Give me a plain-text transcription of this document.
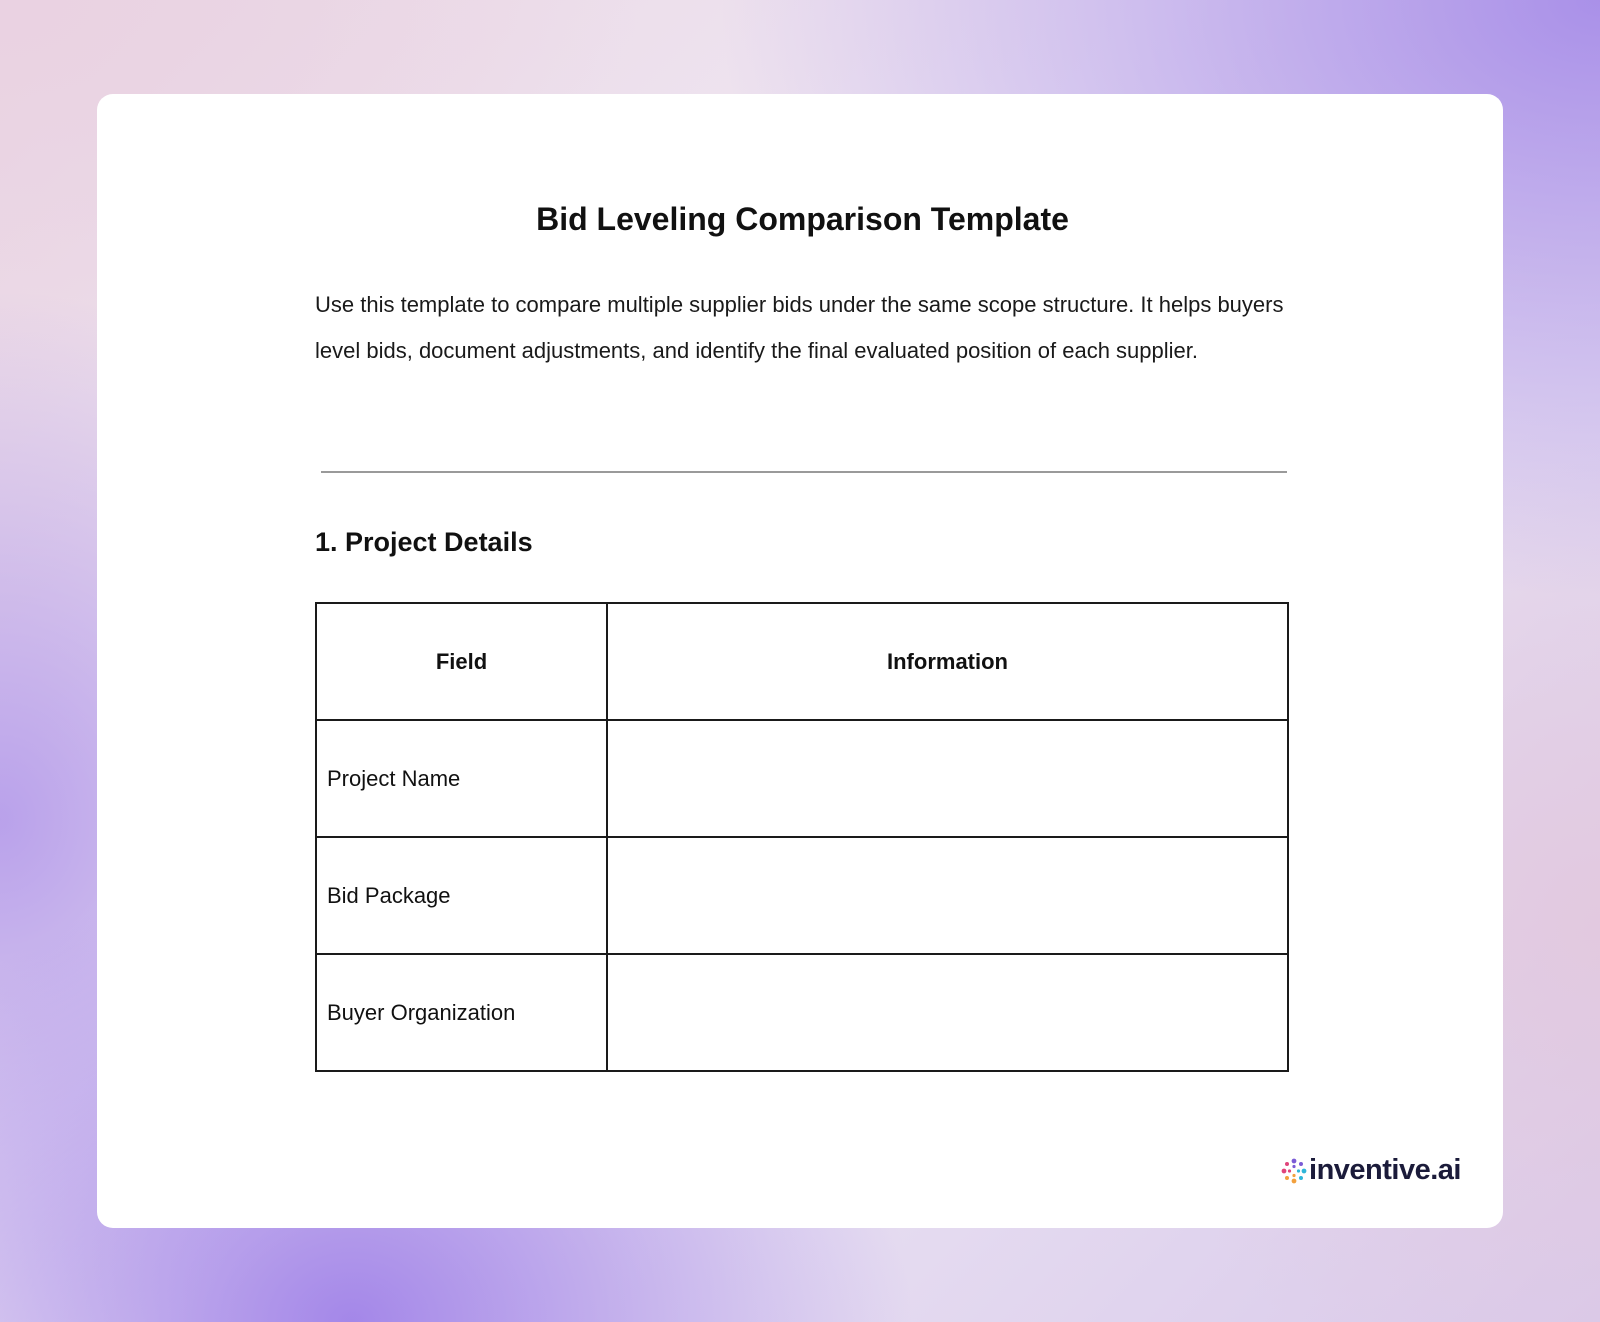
Bid Leveling Comparison Template

Use this template to compare multiple supplier bids under the same scope structure. It helps buyers level bids, document adjustments, and identify the final evaluated position of each supplier.

1. Project Details
Field	Information
Project Name	
Bid Package	
Buyer Organization	
inventive.ai
